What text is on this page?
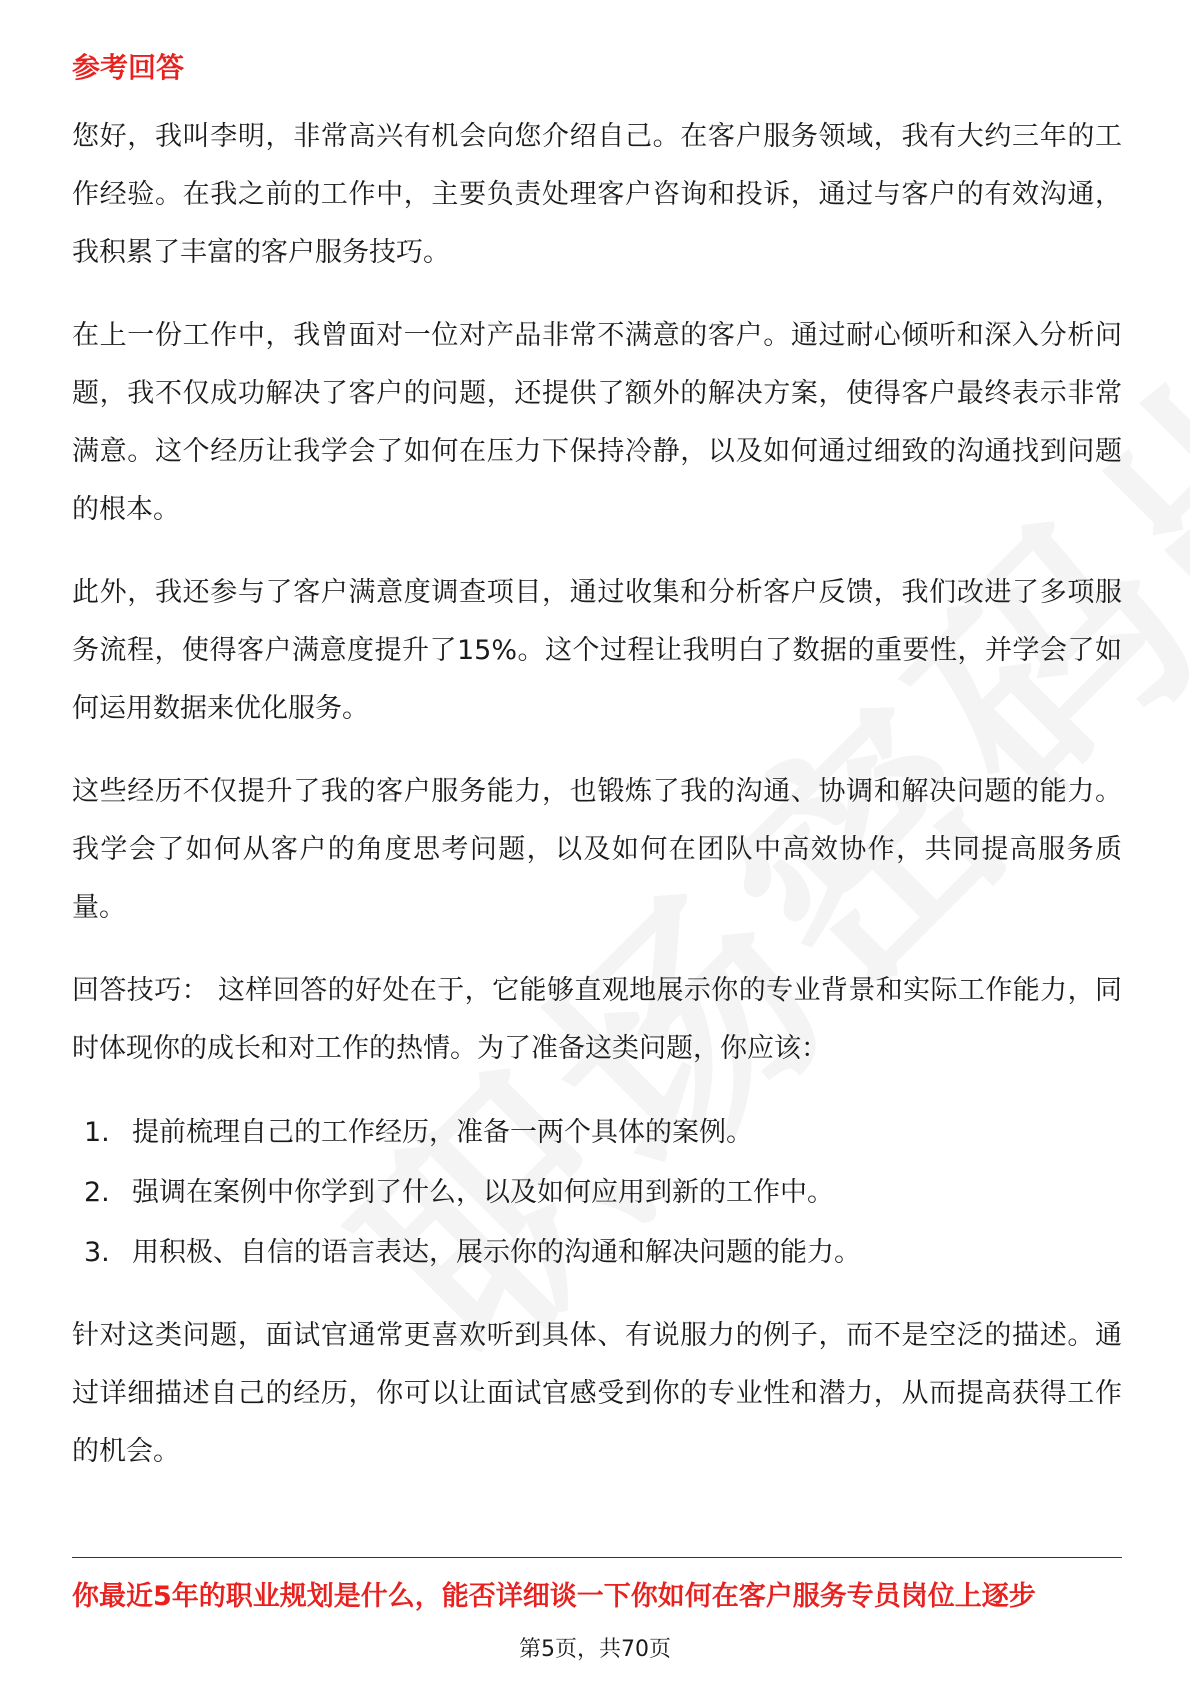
参考回答

您好，我叫李明，非常高兴有机会向您介绍自己。在客户服务领域，我有大约三年的工作经验。在我之前的工作中，主要负责处理客户咨询和投诉，通过与客户的有效沟通，我积累了丰富的客户服务技巧。

在上一份工作中，我曾面对一位对产品非常不满意的客户。通过耐心倾听和深入分析问题，我不仅成功解决了客户的问题，还提供了额外的解决方案，使得客户最终表示非常满意。这个经历让我学会了如何在压力下保持冷静，以及如何通过细致的沟通找到问题的根本。

此外，我还参与了客户满意度调查项目，通过收集和分析客户反馈，我们改进了多项服务流程，使得客户满意度提升了15%。这个过程让我明白了数据的重要性，并学会了如何运用数据来优化服务。

这些经历不仅提升了我的客户服务能力，也锻炼了我的沟通、协调和解决问题的能力。我学会了如何从客户的角度思考问题，以及如何在团队中高效协作，共同提高服务质量。

回答技巧： 这样回答的好处在于，它能够直观地展示你的专业背景和实际工作能力，同时体现你的成长和对工作的热情。为了准备这类问题，你应该：

1. 提前梳理自己的工作经历，准备一两个具体的案例。
2. 强调在案例中你学到了什么，以及如何应用到新的工作中。
3. 用积极、自信的语言表达，展示你的沟通和解决问题的能力。

针对这类问题，面试官通常更喜欢听到具体、有说服力的例子，而不是空泛的描述。通过详细描述自己的经历，你可以让面试官感受到你的专业性和潜力，从而提高获得工作的机会。

你最近5年的职业规划是什么，能否详细谈一下你如何在客户服务专员岗位上逐步
第5页，共70页
